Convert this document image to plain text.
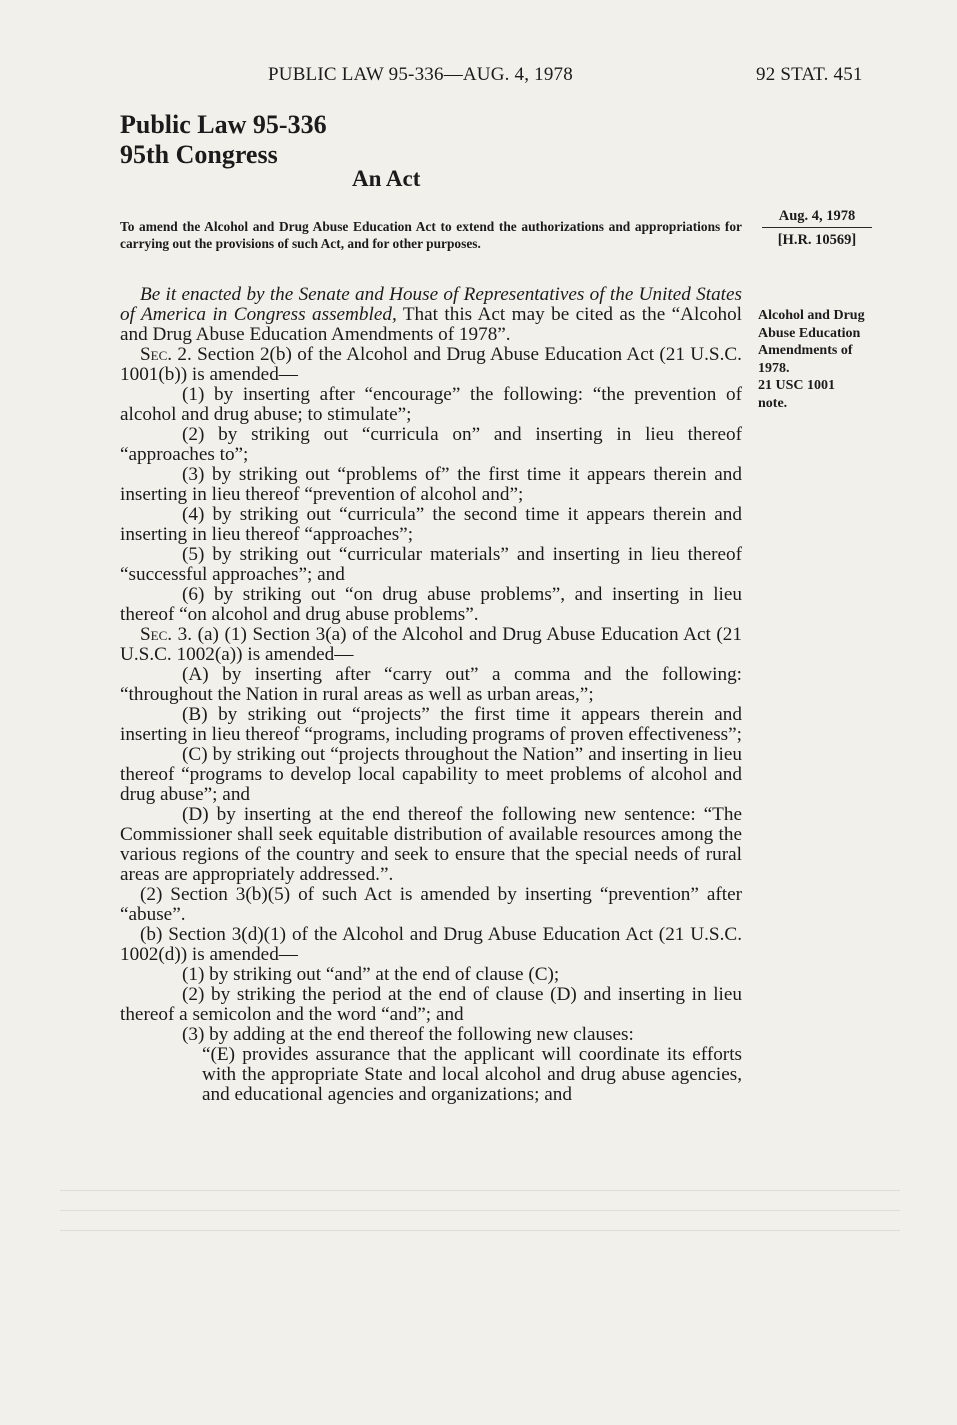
PUBLIC LAW 95-336—AUG. 4, 1978	92 STAT. 451
Public Law 95-336
95th Congress
An Act
To amend the Alcohol and Drug Abuse Education Act to extend the authorizations and appropriations for carrying out the provisions of such Act, and for other purposes.
Aug. 4, 1978
[H.R. 10569]
Alcohol and Drug
Abuse Education
Amendments of
1978.
21 USC 1001
note.

Be it enacted by the Senate and House of Representatives of the United States of America in Congress assembled, That this Act may be cited as the “Alcohol and Drug Abuse Education Amendments of 1978”.

Sec. 2. Section 2(b) of the Alcohol and Drug Abuse Education Act (21 U.S.C. 1001(b)) is amended—

(1) by inserting after “encourage” the following: “the prevention of alcohol and drug abuse; to stimulate”;

(2) by striking out “curricula on” and inserting in lieu thereof “approaches to”;

(3) by striking out “problems of” the first time it appears therein and inserting in lieu thereof “prevention of alcohol and”;

(4) by striking out “curricula” the second time it appears therein and inserting in lieu thereof “approaches”;

(5) by striking out “curricular materials” and inserting in lieu thereof “successful approaches”; and

(6) by striking out “on drug abuse problems”, and inserting in lieu thereof “on alcohol and drug abuse problems”.

Sec. 3. (a) (1) Section 3(a) of the Alcohol and Drug Abuse Education Act (21 U.S.C. 1002(a)) is amended—

(A) by inserting after “carry out” a comma and the following: “throughout the Nation in rural areas as well as urban areas,”;

(B) by striking out “projects” the first time it appears therein and inserting in lieu thereof “programs, including programs of proven effectiveness”;

(C) by striking out “projects throughout the Nation” and inserting in lieu thereof “programs to develop local capability to meet problems of alcohol and drug abuse”; and

(D) by inserting at the end thereof the following new sentence: “The Commissioner shall seek equitable distribution of available resources among the various regions of the country and seek to ensure that the special needs of rural areas are appropriately addressed.”.

(2) Section 3(b)(5) of such Act is amended by inserting “prevention” after “abuse”.

(b) Section 3(d)(1) of the Alcohol and Drug Abuse Education Act (21 U.S.C. 1002(d)) is amended—

(1) by striking out “and” at the end of clause (C);

(2) by striking the period at the end of clause (D) and inserting in lieu thereof a semicolon and the word “and”; and

(3) by adding at the end thereof the following new clauses:

“(E) provides assurance that the applicant will coordinate its efforts with the appropriate State and local alcohol and drug abuse agencies, and educational agencies and organizations; and
